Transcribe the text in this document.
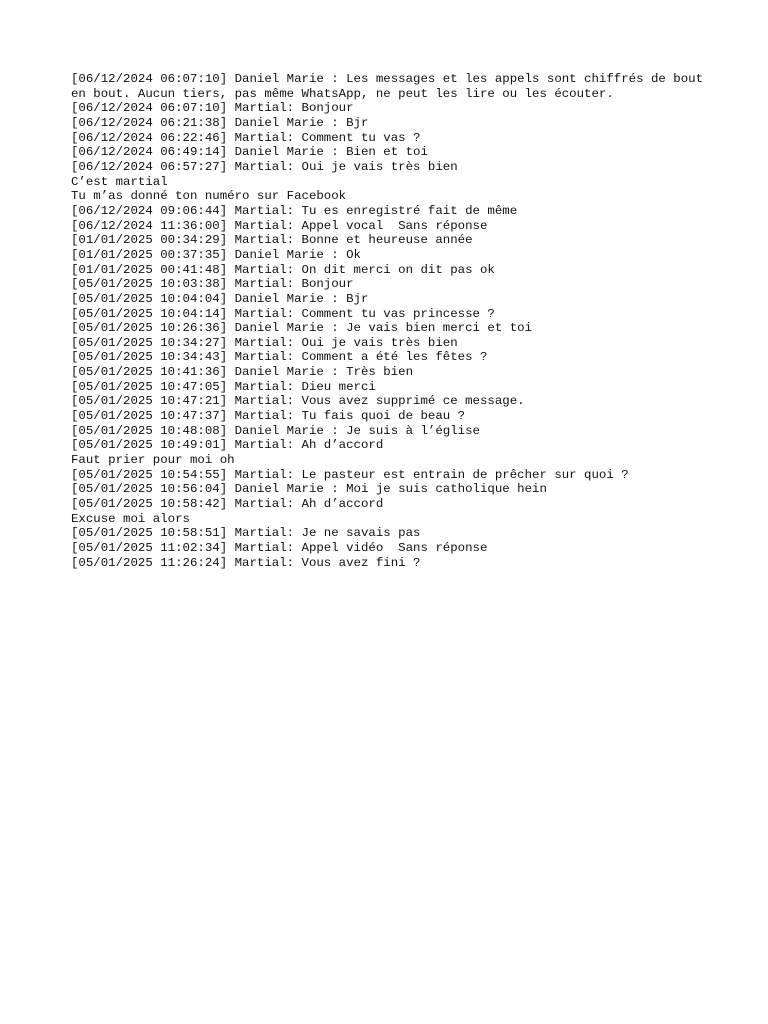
[06/12/2024 06:07:10] Daniel Marie : Les messages et les appels sont chiffrés de bout en bout. Aucun tiers, pas même WhatsApp, ne peut les lire ou les écouter.

[06/12/2024 06:07:10] Martial: Bonjour

[06/12/2024 06:21:38] Daniel Marie : Bjr

[06/12/2024 06:22:46] Martial: Comment tu vas ?

[06/12/2024 06:49:14] Daniel Marie : Bien et toi

[06/12/2024 06:57:27] Martial: Oui je vais très bien

C’est martial

Tu m’as donné ton numéro sur Facebook

[06/12/2024 09:06:44] Martial: Tu es enregistré fait de même

[06/12/2024 11:36:00] Martial: Appel vocal  Sans réponse

[01/01/2025 00:34:29] Martial: Bonne et heureuse année

[01/01/2025 00:37:35] Daniel Marie : Ok

[01/01/2025 00:41:48] Martial: On dit merci on dit pas ok

[05/01/2025 10:03:38] Martial: Bonjour

[05/01/2025 10:04:04] Daniel Marie : Bjr

[05/01/2025 10:04:14] Martial: Comment tu vas princesse ?

[05/01/2025 10:26:36] Daniel Marie : Je vais bien merci et toi

[05/01/2025 10:34:27] Martial: Oui je vais très bien

[05/01/2025 10:34:43] Martial: Comment a été les fêtes ?

[05/01/2025 10:41:36] Daniel Marie : Très bien

[05/01/2025 10:47:05] Martial: Dieu merci

[05/01/2025 10:47:21] Martial: Vous avez supprimé ce message.

[05/01/2025 10:47:37] Martial: Tu fais quoi de beau ?

[05/01/2025 10:48:08] Daniel Marie : Je suis à l’église

[05/01/2025 10:49:01] Martial: Ah d’accord

Faut prier pour moi oh

[05/01/2025 10:54:55] Martial: Le pasteur est entrain de prêcher sur quoi ?

[05/01/2025 10:56:04] Daniel Marie : Moi je suis catholique hein

[05/01/2025 10:58:42] Martial: Ah d’accord

Excuse moi alors

[05/01/2025 10:58:51] Martial: Je ne savais pas

[05/01/2025 11:02:34] Martial: Appel vidéo  Sans réponse

[05/01/2025 11:26:24] Martial: Vous avez fini ?
